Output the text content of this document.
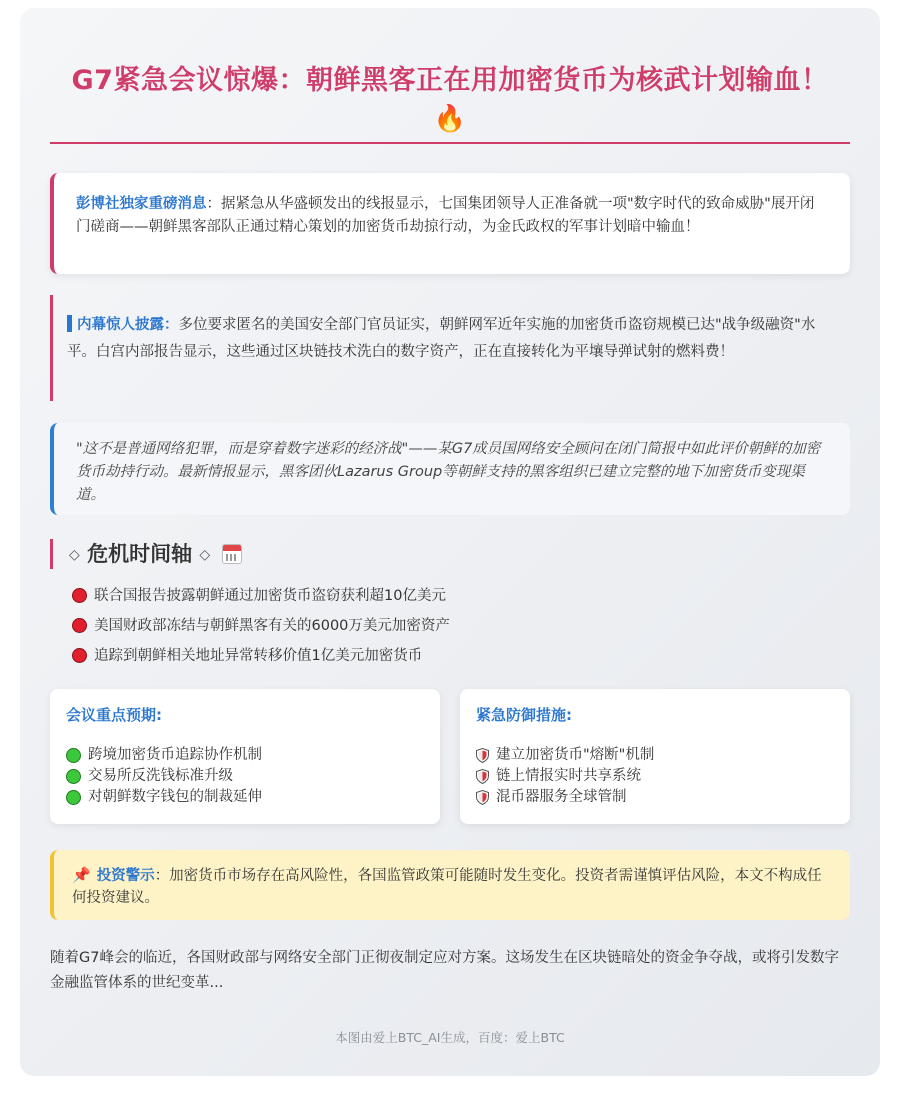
G7紧急会议惊爆：朝鲜黑客正在用加密货币为核武计划输血！
🔥
彭博社独家重磅消息：据紧急从华盛顿发出的线报显示，七国集团领导人正准备就一项"数字时代的致命威胁"展开闭门磋商——朝鲜黑客部队正通过精心策划的加密货币劫掠行动，为金氏政权的军事计划暗中输血！
内幕惊人披露：多位要求匿名的美国安全部门官员证实，朝鲜网军近年实施的加密货币盗窃规模已达"战争级融资"水平。白宫内部报告显示，这些通过区块链技术洗白的数字资产，正在直接转化为平壤导弹试射的燃料费！
"这不是普通网络犯罪，而是穿着数字迷彩的经济战"——某G7成员国网络安全顾问在闭门简报中如此评价朝鲜的加密货币劫持行动。最新情报显示，黑客团伙Lazarus Group等朝鲜支持的黑客组织已建立完整的地下加密货币变现渠道。
◇ 危机时间轴 ◇
联合国报告披露朝鲜通过加密货币盗窃获利超10亿美元
美国财政部冻结与朝鲜黑客有关的6000万美元加密资产
追踪到朝鲜相关地址异常转移价值1亿美元加密货币
会议重点预期:
跨境加密货币追踪协作机制
交易所反洗钱标准升级
对朝鲜数字钱包的制裁延伸
紧急防御措施:
建立加密货币"熔断"机制
链上情报实时共享系统
混币器服务全球管制
📌 投资警示：加密货币市场存在高风险性，各国监管政策可能随时发生变化。投资者需谨慎评估风险，本文不构成任何投资建议。
随着G7峰会的临近，各国财政部与网络安全部门正彻夜制定应对方案。这场发生在区块链暗处的资金争夺战，或将引发数字金融监管体系的世纪变革...
本图由爱上BTC_AI生成，百度：爱上BTC
